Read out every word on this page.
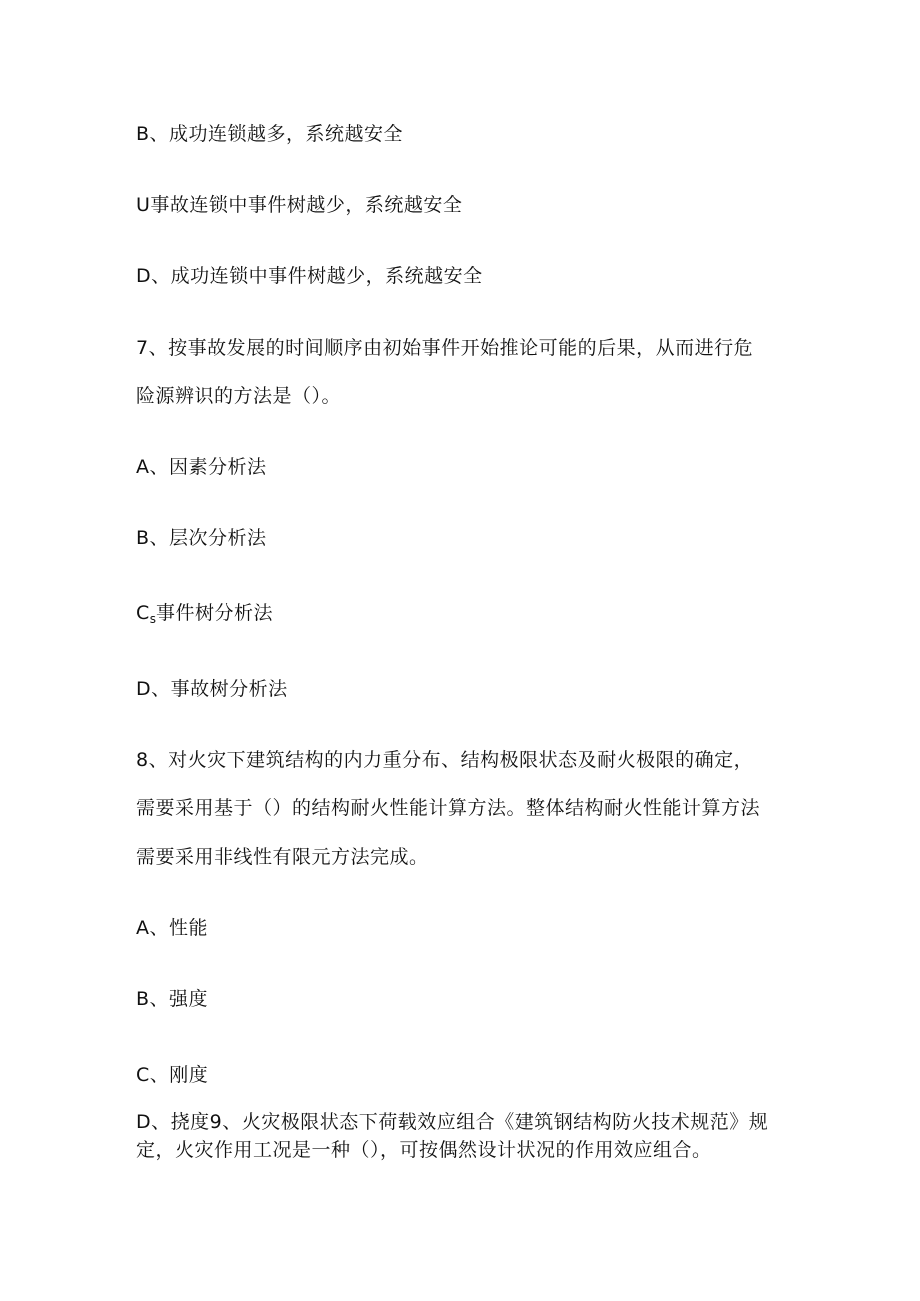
B、成功连锁越多，系统越安全
U事故连锁中事件树越少，系统越安全
D、成功连锁中事件树越少，系统越安全
7、按事故发展的时间顺序由初始事件开始推论可能的后果，从而进行危
险源辨识的方法是（）。
A、因素分析法
B、层次分析法
$C_s$事件树分析法
D、事故树分析法
8、对火灾下建筑结构的内力重分布、结构极限状态及耐火极限的确定，
需要采用基于（）的结构耐火性能计算方法。整体结构耐火性能计算方法
需要采用非线性有限元方法完成。
A、性能
B、强度
C、刚度
D、挠度9、火灾极限状态下荷载效应组合《建筑钢结构防火技术规范》规
定，火灾作用工况是一种（），可按偶然设计状况的作用效应组合。
